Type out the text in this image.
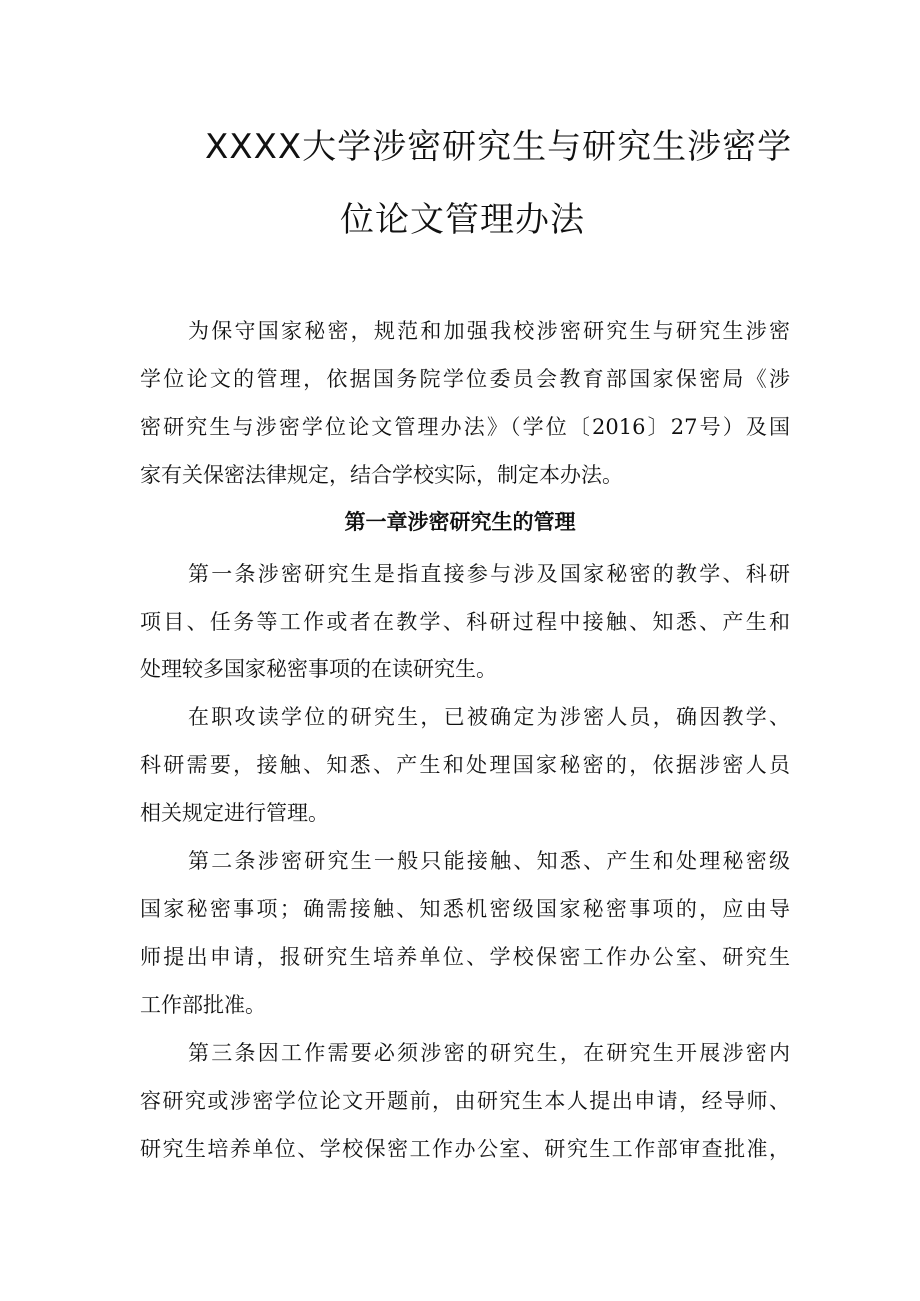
XXXX大学涉密研究生与研究生涉密学
位论文管理办法
为保守国家秘密，规范和加强我校涉密研究生与研究生涉密
学位论文的管理，依据国务院学位委员会教育部国家保密局《涉
密研究生与涉密学位论文管理办法》（学位〔2016〕27号）及国
家有关保密法律规定，结合学校实际，制定本办法。
第一章涉密研究生的管理
第一条涉密研究生是指直接参与涉及国家秘密的教学、科研
项目、任务等工作或者在教学、科研过程中接触、知悉、产生和
处理较多国家秘密事项的在读研究生。
在职攻读学位的研究生，已被确定为涉密人员，确因教学、
科研需要，接触、知悉、产生和处理国家秘密的，依据涉密人员
相关规定进行管理。
第二条涉密研究生一般只能接触、知悉、产生和处理秘密级
国家秘密事项；确需接触、知悉机密级国家秘密事项的，应由导
师提出申请，报研究生培养单位、学校保密工作办公室、研究生
工作部批准。
第三条因工作需要必须涉密的研究生，在研究生开展涉密内
容研究或涉密学位论文开题前，由研究生本人提出申请，经导师、
研究生培养单位、学校保密工作办公室、研究生工作部审查批准，
